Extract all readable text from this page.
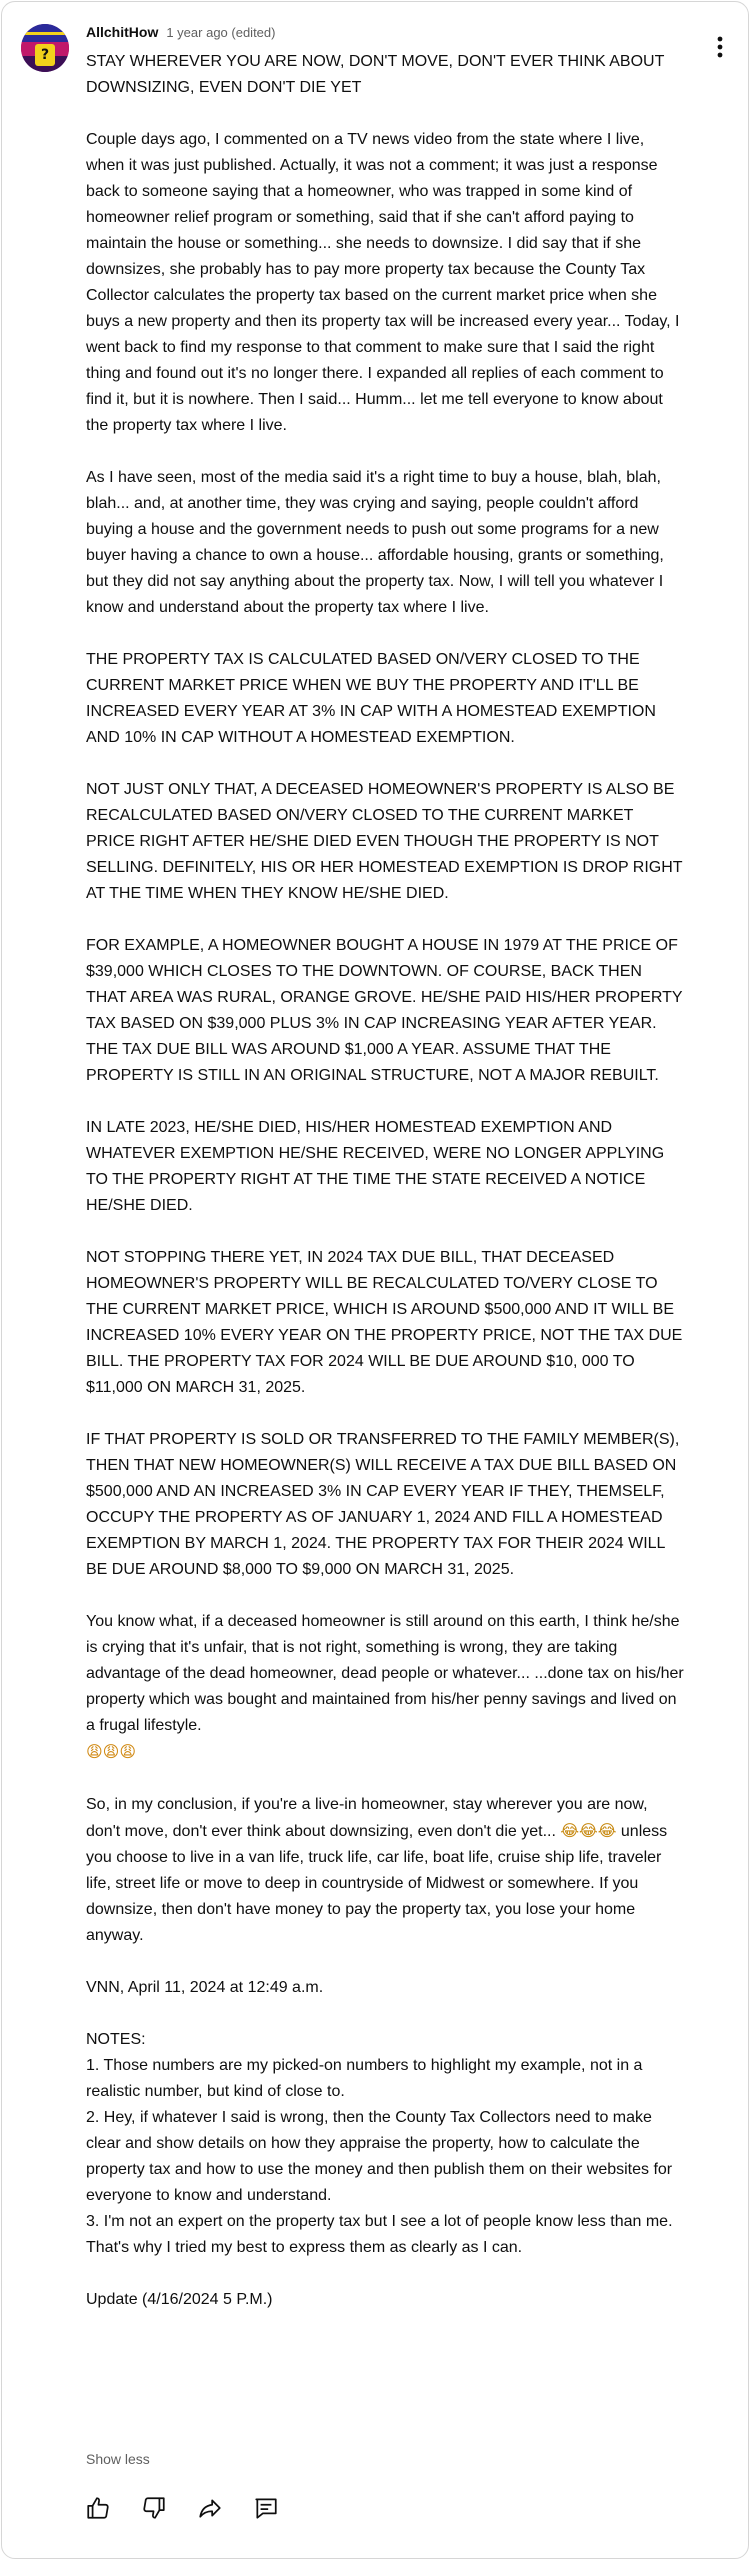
?
AllchitHow 1 year ago (edited)

STAY WHEREVER YOU ARE NOW, DON'T MOVE, DON'T EVER THINK ABOUT DOWNSIZING, EVEN DON'T DIE YET

Couple days ago, I commented on a TV news video from the state where I live, when it was just published. Actually, it was not a comment; it was just a response back to someone saying that a homeowner, who was trapped in some kind of homeowner relief program or something, said that if she can't afford paying to maintain the house or something... she needs to downsize. I did say that if she downsizes, she probably has to pay more property tax because the County Tax Collector calculates the property tax based on the current market price when she buys a new property and then its property tax will be increased every year... Today, I went back to find my response to that comment to make sure that I said the right thing and found out it's no longer there. I expanded all replies of each comment to find it, but it is nowhere. Then I said... Humm... let me tell everyone to know about the property tax where I live.

As I have seen, most of the media said it's a right time to buy a house, blah, blah, blah... and, at another time, they was crying and saying, people couldn't afford buying a house and the government needs to push out some programs for a new buyer having a chance to own a house... affordable housing, grants or something, but they did not say anything about the property tax. Now, I will tell you whatever I know and understand about the property tax where I live.

THE PROPERTY TAX IS CALCULATED BASED ON/VERY CLOSED TO THE CURRENT MARKET PRICE WHEN WE BUY THE PROPERTY AND IT'LL BE INCREASED EVERY YEAR AT 3% IN CAP WITH A HOMESTEAD EXEMPTION AND 10% IN CAP WITHOUT A HOMESTEAD EXEMPTION.

NOT JUST ONLY THAT, A DECEASED HOMEOWNER'S PROPERTY IS ALSO BE RECALCULATED BASED ON/VERY CLOSED TO THE CURRENT MARKET PRICE RIGHT AFTER HE/SHE DIED EVEN THOUGH THE PROPERTY IS NOT SELLING. DEFINITELY, HIS OR HER HOMESTEAD EXEMPTION IS DROP RIGHT AT THE TIME WHEN THEY KNOW HE/SHE DIED.

FOR EXAMPLE, A HOMEOWNER BOUGHT A HOUSE IN 1979 AT THE PRICE OF $39,000 WHICH CLOSES TO THE DOWNTOWN. OF COURSE, BACK THEN THAT AREA WAS RURAL, ORANGE GROVE. HE/SHE PAID HIS/HER PROPERTY TAX BASED ON $39,000 PLUS 3% IN CAP INCREASING YEAR AFTER YEAR. THE TAX DUE BILL WAS AROUND $1,000 A YEAR. ASSUME THAT THE PROPERTY IS STILL IN AN ORIGINAL STRUCTURE, NOT A MAJOR REBUILT.

IN LATE 2023, HE/SHE DIED, HIS/HER HOMESTEAD EXEMPTION AND WHATEVER EXEMPTION HE/SHE RECEIVED, WERE NO LONGER APPLYING TO THE PROPERTY RIGHT AT THE TIME THE STATE RECEIVED A NOTICE HE/SHE DIED.

NOT STOPPING THERE YET, IN 2024 TAX DUE BILL, THAT DECEASED HOMEOWNER'S PROPERTY WILL BE RECALCULATED TO/VERY CLOSE TO THE CURRENT MARKET PRICE, WHICH IS AROUND $500,000 AND IT WILL BE INCREASED 10% EVERY YEAR ON THE PROPERTY PRICE, NOT THE TAX DUE BILL. THE PROPERTY TAX FOR 2024 WILL BE DUE AROUND $10, 000 TO $11,000 ON MARCH 31, 2025.

IF THAT PROPERTY IS SOLD OR TRANSFERRED TO THE FAMILY MEMBER(S), THEN THAT NEW HOMEOWNER(S) WILL RECEIVE A TAX DUE BILL BASED ON $500,000 AND AN INCREASED 3% IN CAP EVERY YEAR IF THEY, THEMSELF, OCCUPY THE PROPERTY AS OF JANUARY 1, 2024 AND FILL A HOMESTEAD EXEMPTION BY MARCH 1, 2024. THE PROPERTY TAX FOR THEIR 2024 WILL BE DUE AROUND $8,000 TO $9,000 ON MARCH 31, 2025.

You know what, if a deceased homeowner is still around on this earth, I think he/she is crying that it's unfair, that is not right, something is wrong, they are taking advantage of the dead homeowner, dead people or whatever... ...done tax on his/her property which was bought and maintained from his/her penny savings and lived on a frugal lifestyle.
😩😩😩

So, in my conclusion, if you're a live-in homeowner, stay wherever you are now, don't move, don't ever think about downsizing, even don't die yet... 😂😂😂 unless you choose to live in a van life, truck life, car life, boat life, cruise ship life, traveler life, street life or move to deep in countryside of Midwest or somewhere. If you downsize, then don't have money to pay the property tax, you lose your home anyway.

VNN, April 11, 2024 at 12:49 a.m.

NOTES:

1. Those numbers are my picked-on numbers to highlight my example, not in a realistic number, but kind of close to.

2. Hey, if whatever I said is wrong, then the County Tax Collectors need to make clear and show details on how they appraise the property, how to calculate the property tax and how to use the money and then publish them on their websites for everyone to know and understand.

3. I'm not an expert on the property tax but I see a lot of people know less than me. That's why I tried my best to express them as clearly as I can.

Update (4/16/2024 5 P.M.)

Show less
